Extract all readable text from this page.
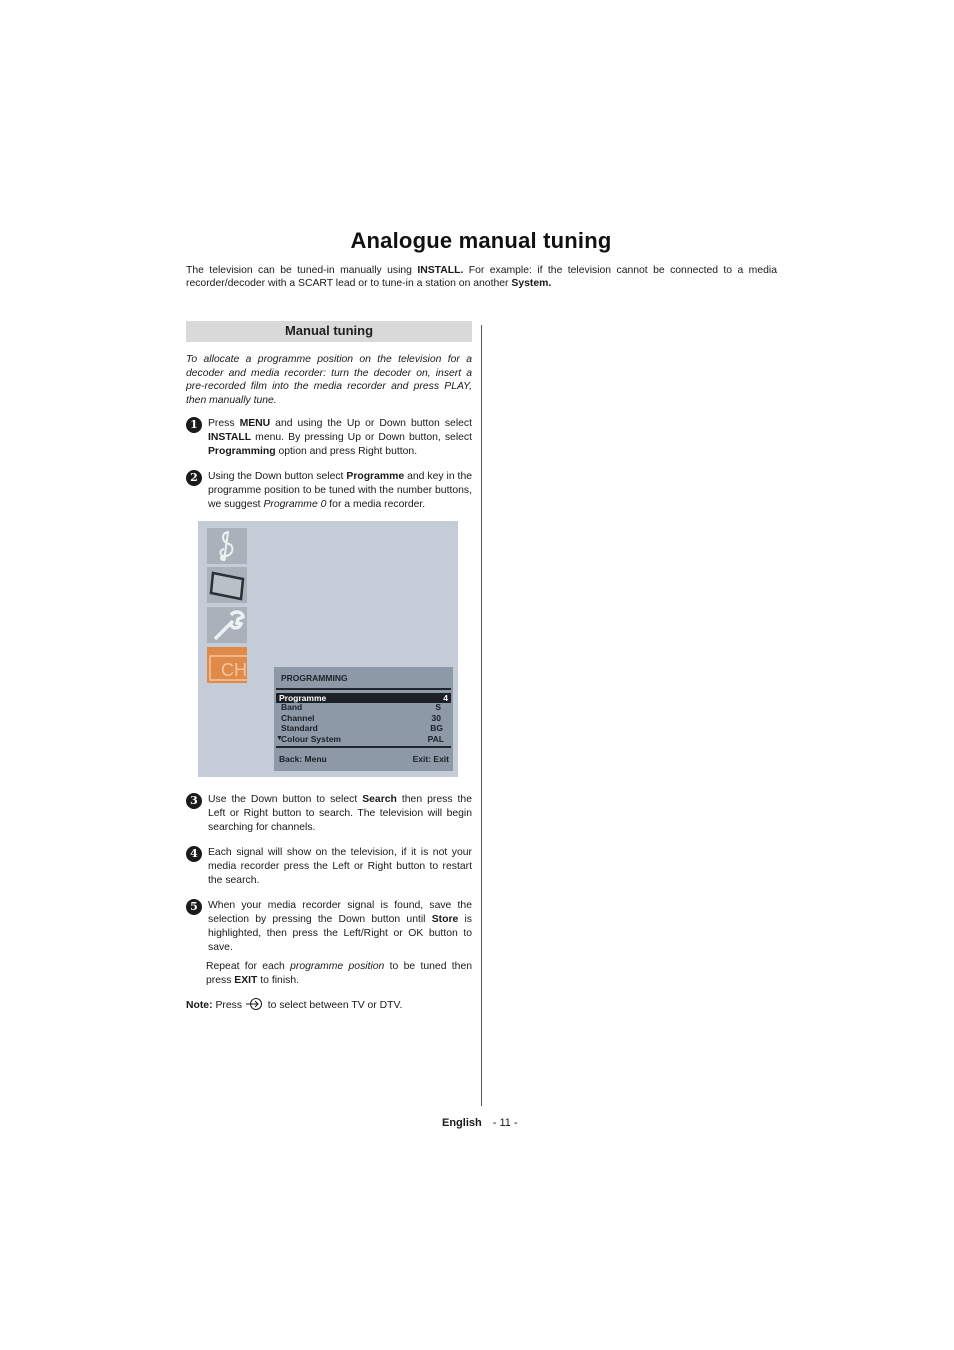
Analogue manual tuning
The television can be tuned-in manually using INSTALL. For example: if the television cannot be connected to a media recorder/decoder with a SCART lead or to tune-in a station on another System.
Manual tuning
To allocate a programme position on the television for a decoder and media recorder: turn the decoder on, insert a pre-recorded film into the media recorder and press PLAY, then manually tune.
1 Press MENU and using the Up or Down button select INSTALL menu. By pressing Up or Down button, select Programming option and press Right button.
2 Using the Down button select Programme and key in the programme position to be tuned with the number buttons, we suggest Programme 0 for a media recorder.
CH	PROGRAMMING
Programme	4
Band	S
Channel	30
Standard	BG
▼
Colour System	PAL
Back: Menu	Exit: Exit
3 Use the Down button to select Search then press the Left or Right button to search. The television will begin searching for channels.
4 Each signal will show on the television, if it is not your media recorder press the Left or Right button to restart the search.
5 When your media recorder signal is found, save the selection by pressing the Down button until Store is highlighted, then press the Left/Right or OK button to save.
Repeat for each programme position to be tuned then press EXIT to finish.
Note: Press  to select between TV or DTV.
English - 11 -
